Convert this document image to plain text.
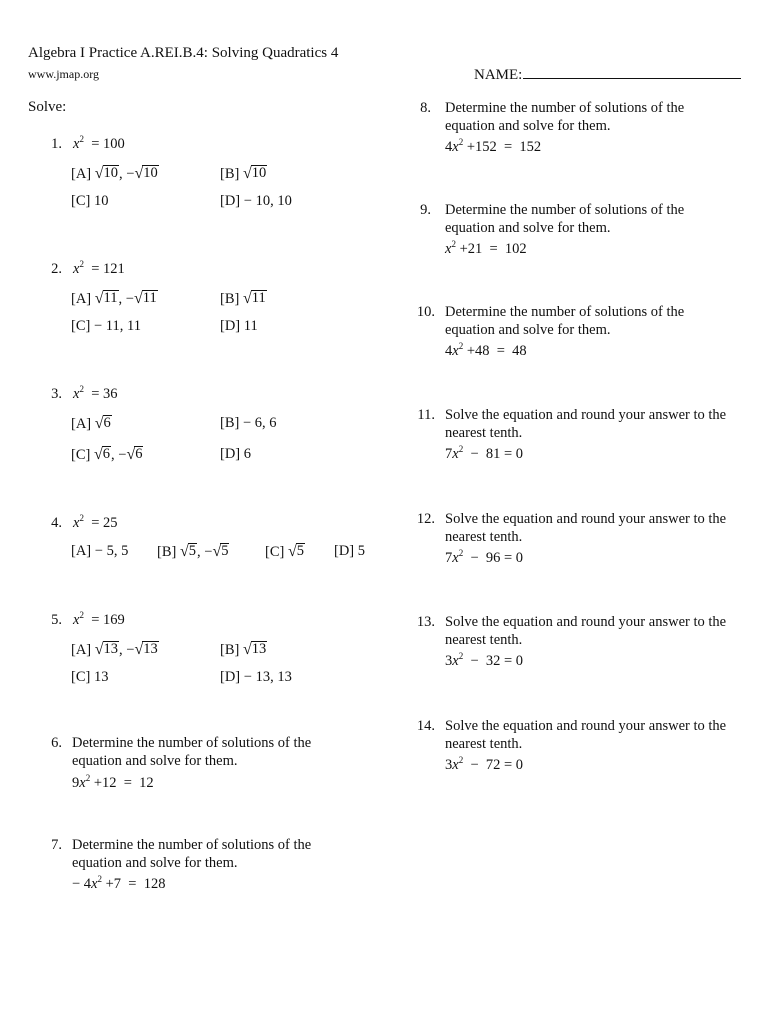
Algebra I Practice A.REI.B.4: Solving Quadratics 4
www.jmap.org	NAME:
Solve:
1. $x^2 = 100$
[A] √ 10 , − √ 10	[B] √ 10
[C] 10	[D] − 10, 10
2. $x^2 = 121$
[A] √ 11 , − √ 11	[B] √ 11
[C] − 11, 11	[D] 11
3. $x^2 = 36$
[A] √ 6	[B] − 6, 6
[C] √ 6 , − √ 6	[D] 6
4. $x^2 = 25$
[A] − 5, 5 [B] √ 5 , − √ 5	[C] √ 5 [D] 5
5. $x^2 = 169$
[A] √ 13 , − √ 13	[B] √ 13
[C] 13	[D] − 13, 13
6. Determine the number of solutions of the
equation and solve for them.
$9x^2 +12 = 12$
7. Determine the number of solutions of the
equation and solve for them.
− $4x^2 +7 = 128$
8. Determine the number of solutions of the
equation and solve for them.
$4x^2 +152 = 152$
9. Determine the number of solutions of the
equation and solve for them.
$x^2 +21 = 102$
10. Determine the number of solutions of the
equation and solve for them.
$4x^2 +48 = 48$
11. Solve the equation and round your answer to the
nearest tenth.
$7x^2 - 81 = 0$
12. Solve the equation and round your answer to the
nearest tenth.
$7x^2 - 96 = 0$
13. Solve the equation and round your answer to the
nearest tenth.
$3x^2 - 32 = 0$
14. Solve the equation and round your answer to the
nearest tenth.
$3x^2 - 72 = 0$
